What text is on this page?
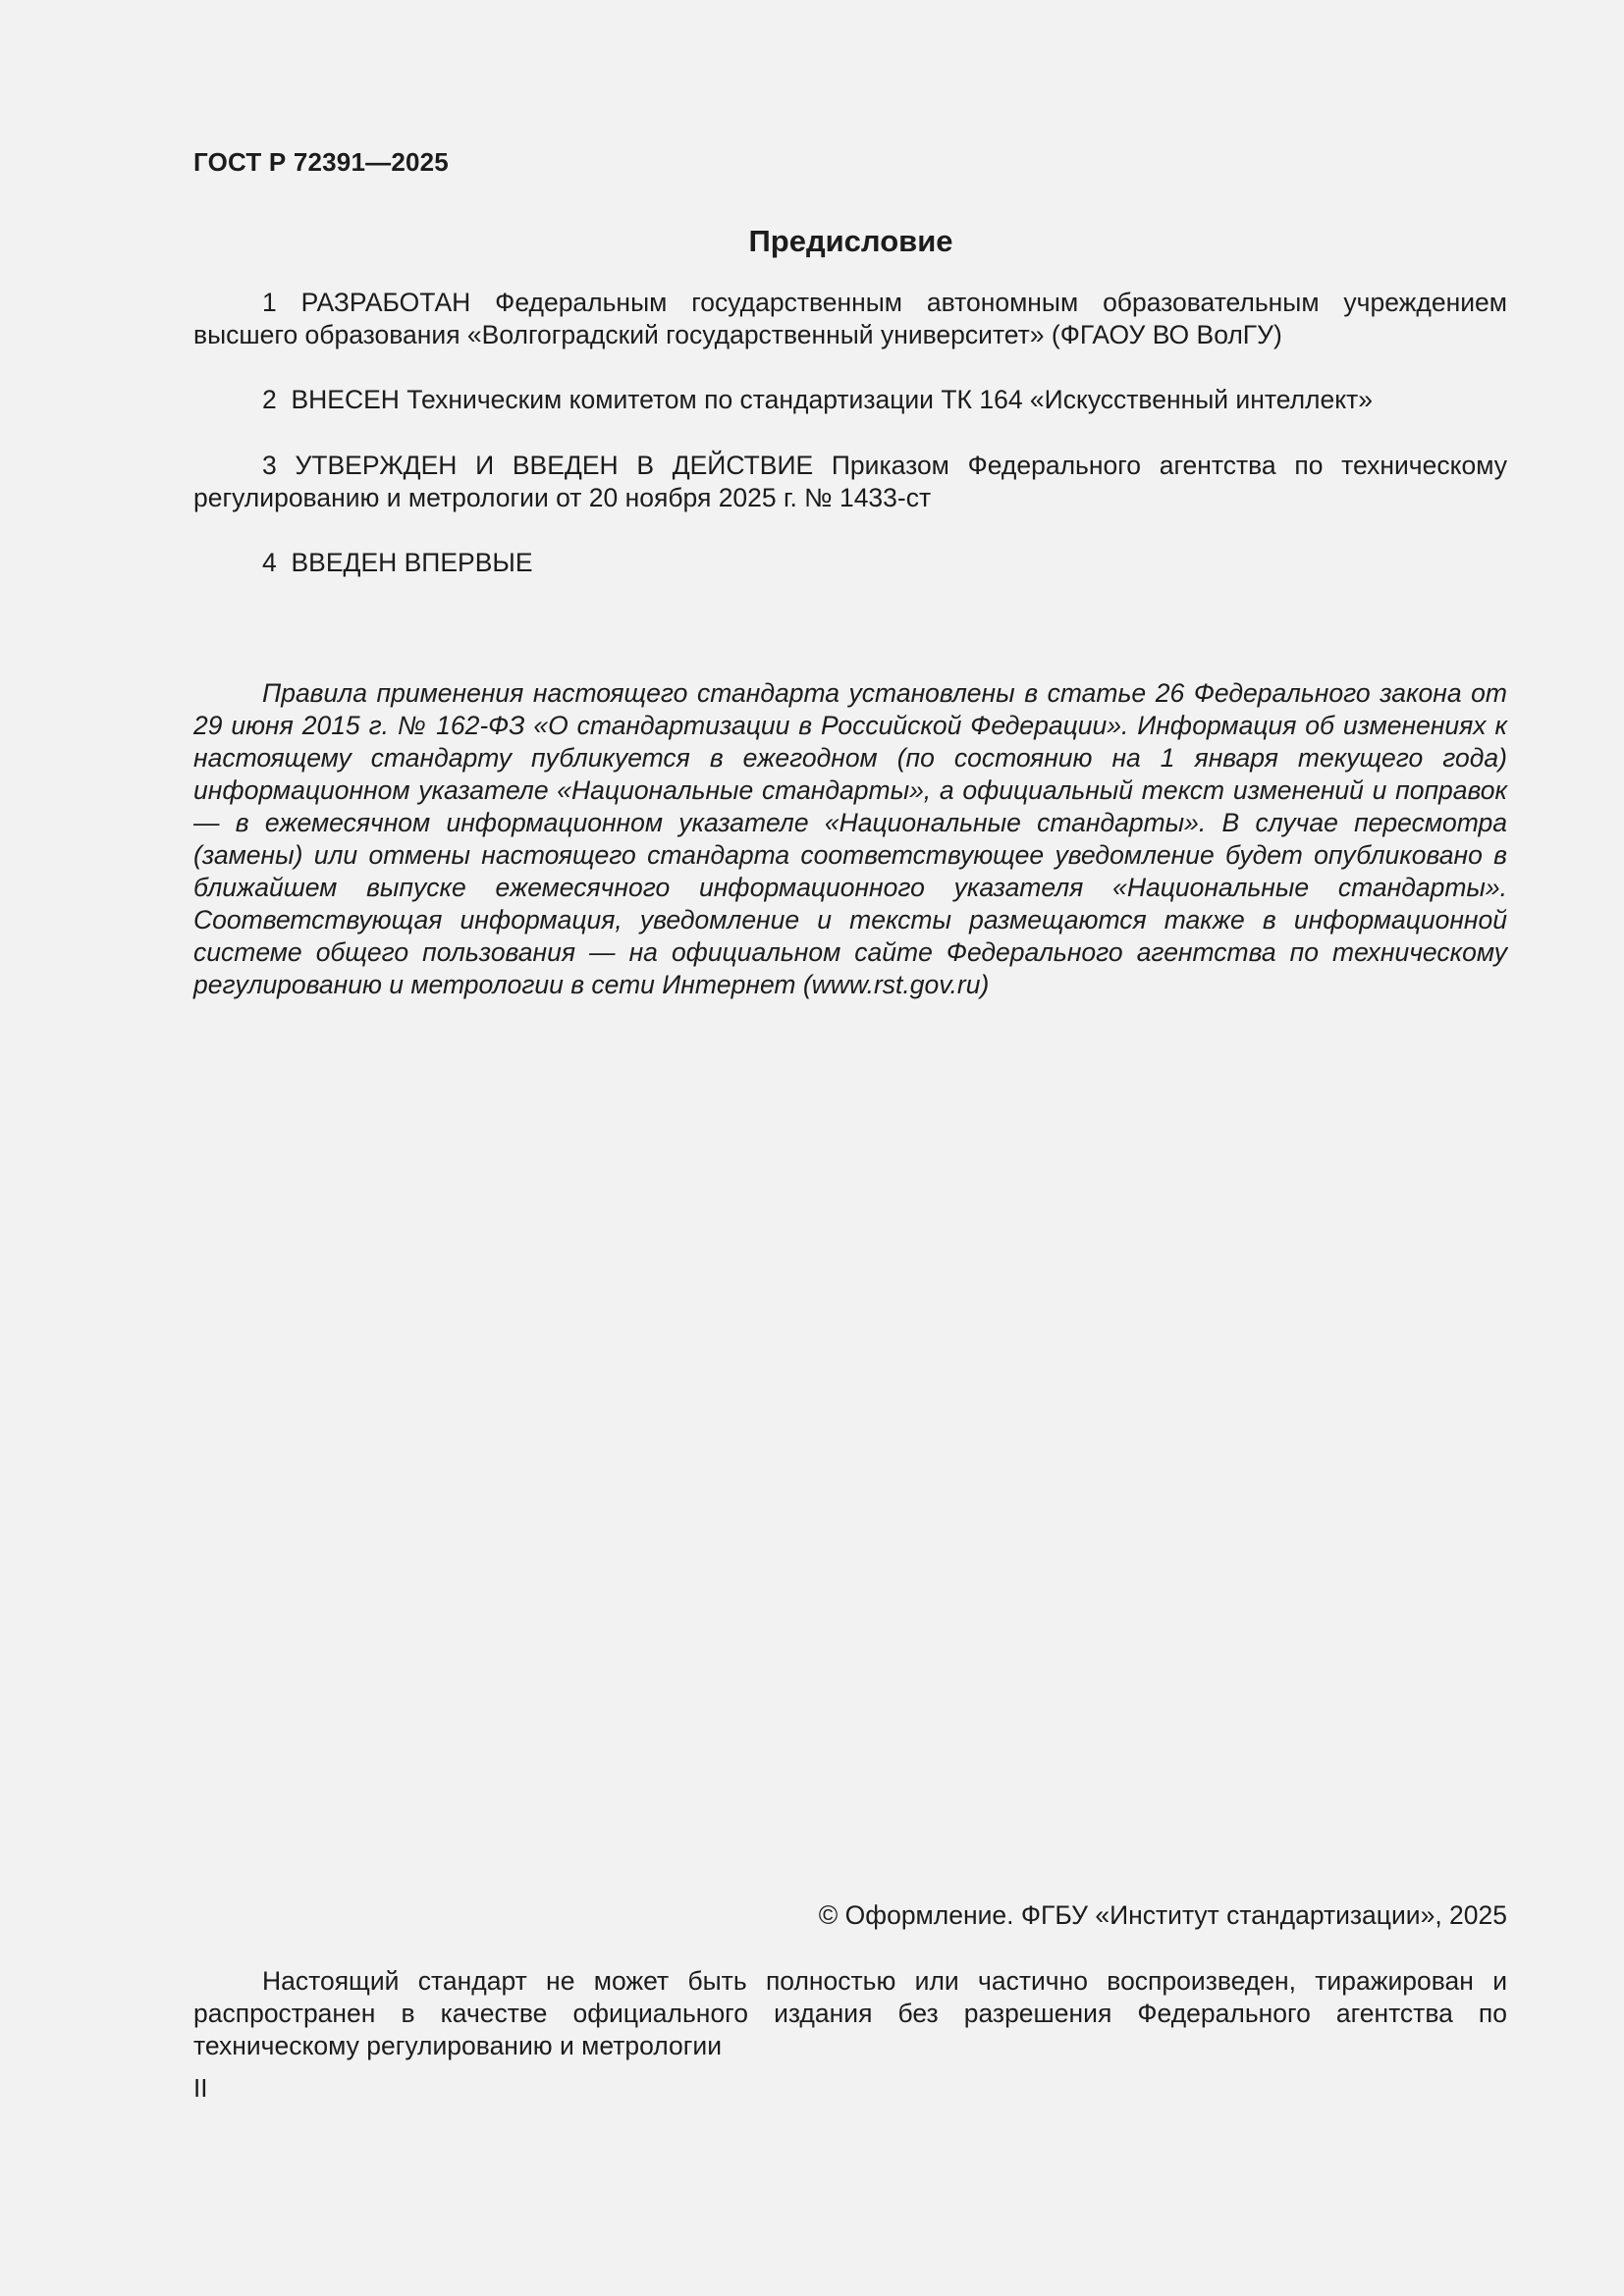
ГОСТ Р 72391—2025
Предисловие

1 РАЗРАБОТАН Федеральным государственным автономным образовательным учреждением высшего образования «Волгоградский государственный университет» (ФГАОУ ВО ВолГУ)

2 ВНЕСЕН Техническим комитетом по стандартизации ТК 164 «Искусственный интеллект»

3 УТВЕРЖДЕН И ВВЕДЕН В ДЕЙСТВИЕ Приказом Федерального агентства по техническому регулированию и метрологии от 20 ноября 2025 г. № 1433-ст

4 ВВЕДЕН ВПЕРВЫЕ

Правила применения настоящего стандарта установлены в статье 26 Федерального закона от 29 июня 2015 г. № 162-ФЗ «О стандартизации в Российской Федерации». Информация об изменениях к настоящему стандарту публикуется в ежегодном (по состоянию на 1 января текущего года) информационном указателе «Национальные стандарты», а официальный текст изменений и поправок — в ежемесячном информационном указателе «Национальные стандарты». В случае пересмотра (замены) или отмены настоящего стандарта соответствующее уведомление будет опубликовано в ближайшем выпуске ежемесячного информационного указателя «Национальные стандарты». Соответствующая информация, уведомление и тексты размещаются также в информационной системе общего пользования — на официальном сайте Федерального агентства по техническому регулированию и метрологии в сети Интернет (www.rst.gov.ru)

© Оформление. ФГБУ «Институт стандартизации», 2025

Настоящий стандарт не может быть полностью или частично воспроизведен, тиражирован и распространен в качестве официального издания без разрешения Федерального агентства по техническому регулированию и метрологии

II
